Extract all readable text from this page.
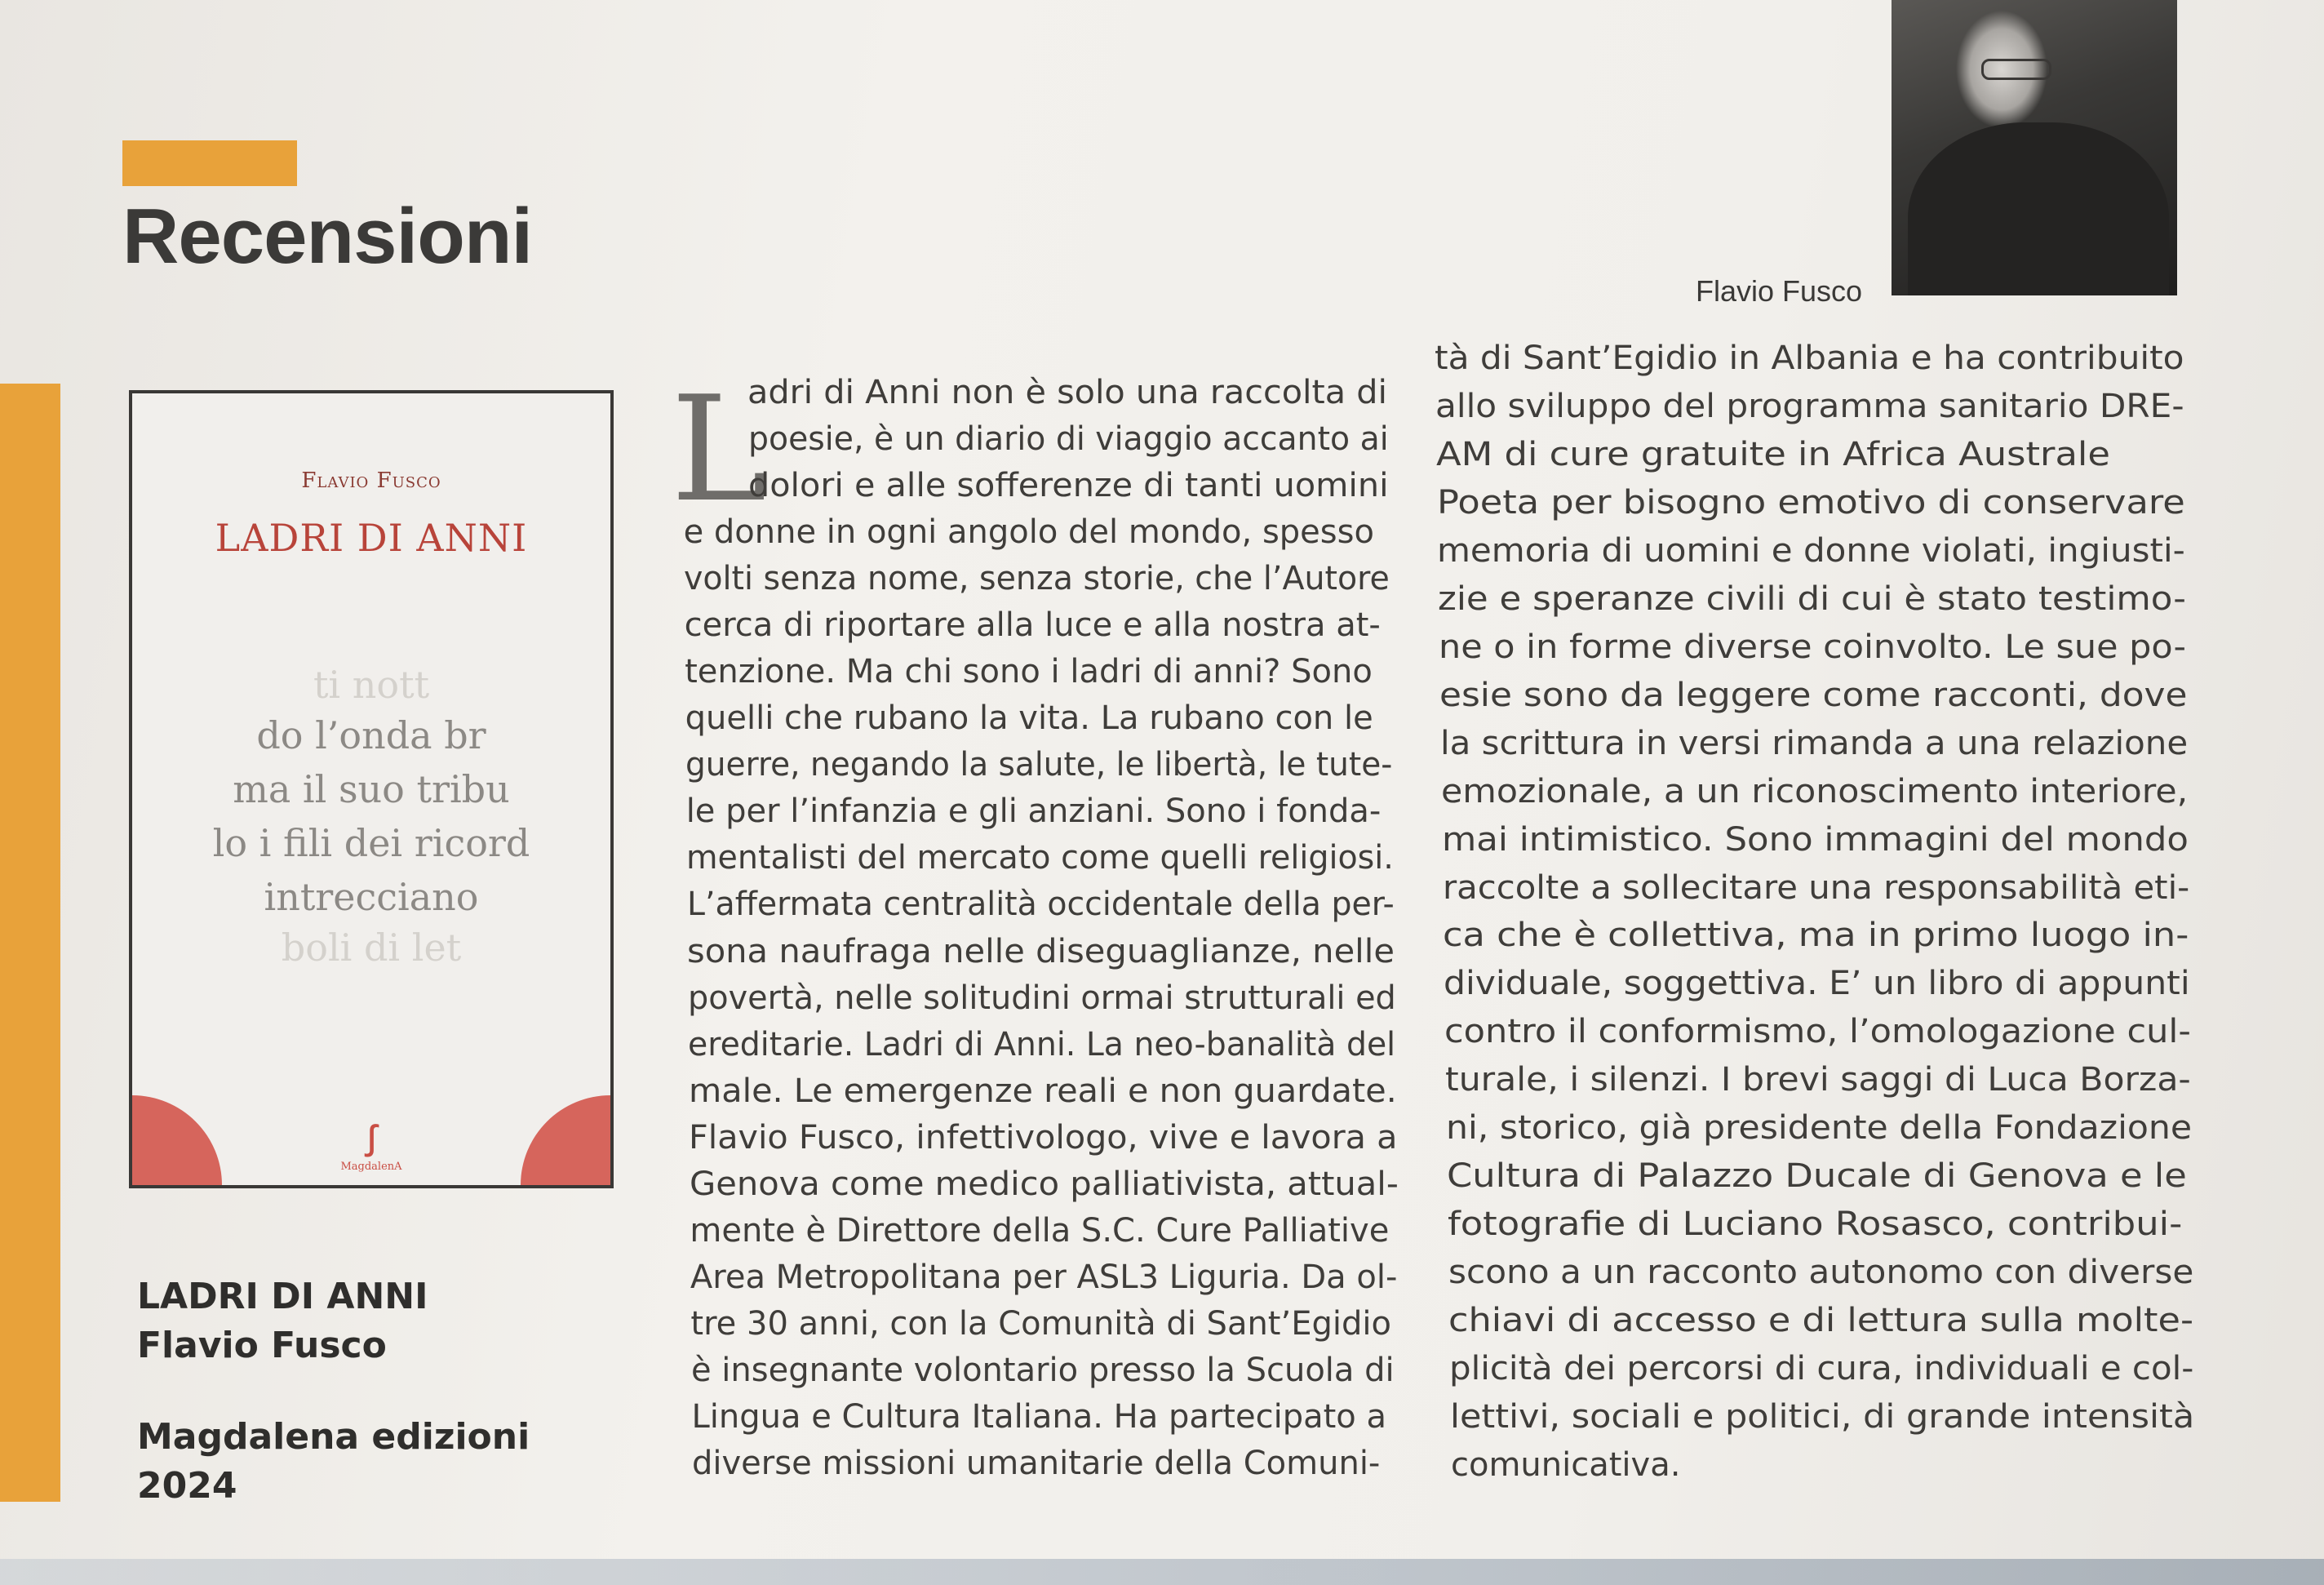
Recensioni
Flavio Fusco
LADRI DI ANNI
ti nott
do l’onda br
ma il suo tribu
lo i fili dei ricord
intrecciano
boli di let
ꭍ
MagdalenA
LADRI DI ANNI
Flavio Fusco
Magdalena edizioni
2024
Flavio Fusco
L
adri di Anni non è solo una raccolta di
poesie, è un diario di viaggio accanto ai
dolori e alle sofferenze di tanti uomini
e donne in ogni angolo del mondo, spesso
volti senza nome, senza storie, che l’Autore
cerca di riportare alla luce e alla nostra at-
tenzione. Ma chi sono i ladri di anni? Sono
quelli che rubano la vita. La rubano con le
guerre, negando la salute, le libertà, le tute-
le per l’infanzia e gli anziani. Sono i fonda-
mentalisti del mercato come quelli religiosi.
L’affermata centralità occidentale della per-
sona naufraga nelle diseguaglianze, nelle
povertà, nelle solitudini ormai strutturali ed
ereditarie. Ladri di Anni. La neo-banalità del
male. Le emergenze reali e non guardate.
Flavio Fusco, infettivologo, vive e lavora a
Genova come medico palliativista, attual-
mente è Direttore della S.C. Cure Palliative
Area Metropolitana per ASL3 Liguria. Da ol-
tre 30 anni, con la Comunità di Sant’Egidio
è insegnante volontario presso la Scuola di
Lingua e Cultura Italiana. Ha partecipato a
diverse missioni umanitarie della Comuni-
tà di Sant’Egidio in Albania e ha contribuito
allo sviluppo del programma sanitario DRE-
AM di cure gratuite in Africa Australe
Poeta per bisogno emotivo di conservare
memoria di uomini e donne violati, ingiusti-
zie e speranze civili di cui è stato testimo-
ne o in forme diverse coinvolto. Le sue po-
esie sono da leggere come racconti, dove
la scrittura in versi rimanda a una relazione
emozionale, a un riconoscimento interiore,
mai intimistico. Sono immagini del mondo
raccolte a sollecitare una responsabilità eti-
ca che è collettiva, ma in primo luogo in-
dividuale, soggettiva. E’ un libro di appunti
contro il conformismo, l’omologazione cul-
turale, i silenzi. I brevi saggi di Luca Borza-
ni, storico, già presidente della Fondazione
Cultura di Palazzo Ducale di Genova e le
fotografie di Luciano Rosasco, contribui-
scono a un racconto autonomo con diverse
chiavi di accesso e di lettura sulla molte-
plicità dei percorsi di cura, individuali e col-
lettivi, sociali e politici, di grande intensità
comunicativa.
